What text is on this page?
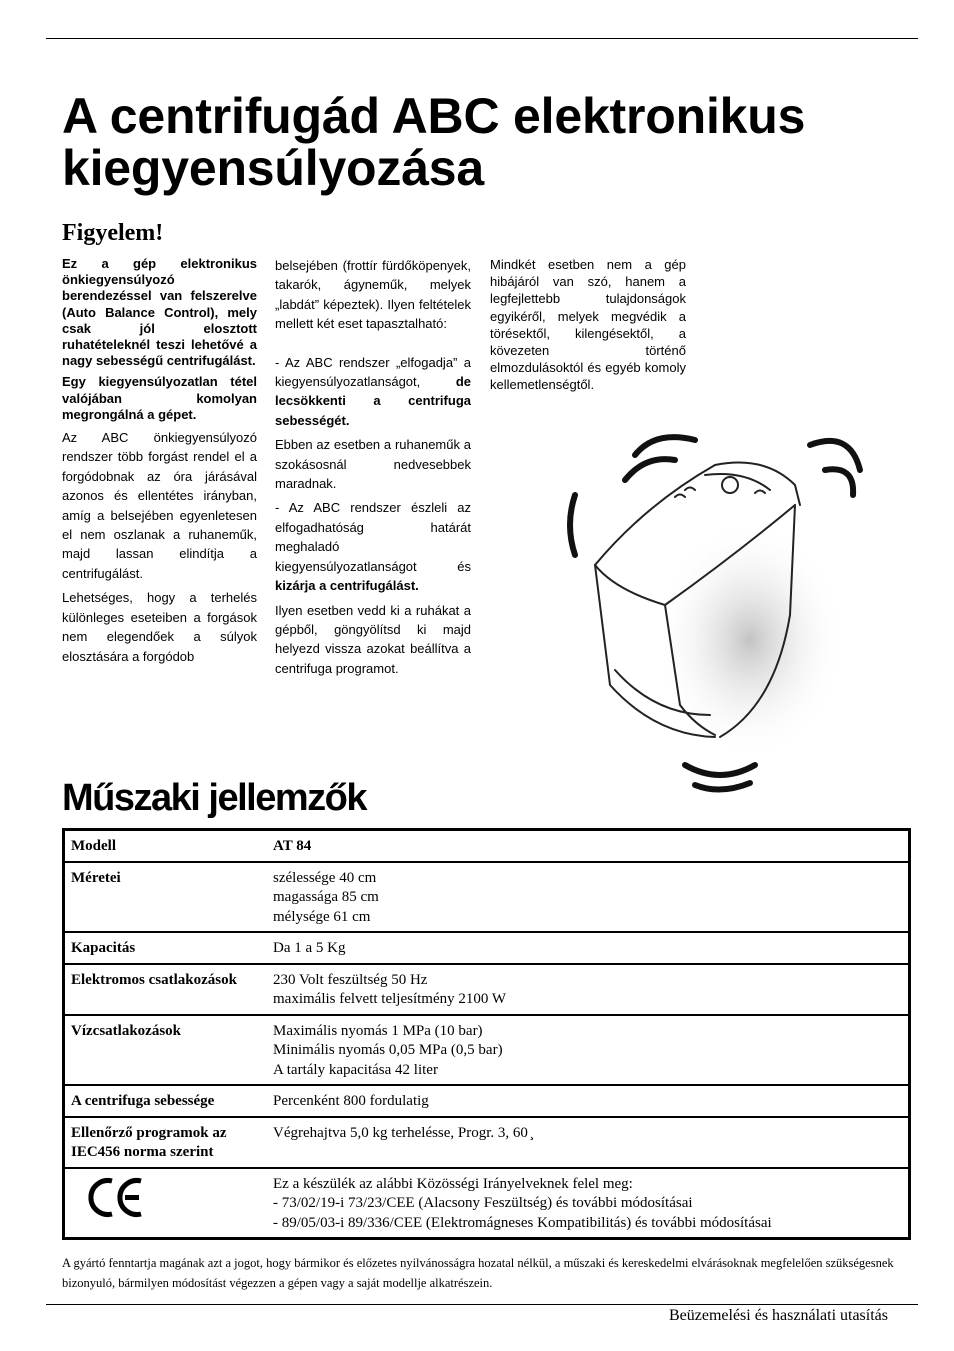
A centrifugád ABC elektronikus
kiegyensúlyozása
Figyelem!

Ez a gép elektronikus önkiegyensúlyozó berendezéssel van felszerelve (Auto Balance Control), mely csak jól elosztott ruhatételeknél teszi lehetővé a nagy sebességű centrifugálást.

Egy kiegyensúlyozatlan tétel valójában komolyan megrongálná a gépet.

Az ABC önkiegyensúlyozó rendszer több forgást rendel el a forgódobnak az óra járásával azonos és ellentétes irányban, amíg a belsejében egyenletesen el nem oszlanak a ruhaneműk, majd lassan elindítja a centrifugálást.

Lehetséges, hogy a terhelés különleges eseteiben a forgások nem elegendőek a súlyok elosztására a forgódob

belsejében (frottír fürdőköpenyek, takarók, ágyneműk, melyek „labdát” képeztek). Ilyen feltételek mellett két eset tapasztalható:

- Az ABC rendszer „elfogadja” a kiegyensúlyozatlanságot,	de lecsökkenti a centrifuga sebességét.

Ebben az esetben a ruhaneműk a szokásosnál nedvesebbek maradnak.

- Az ABC rendszer észleli az elfogadhatóság határát meghaladó kiegyensúlyozatlanságot és kizárja a centrifugálást.

Ilyen esetben vedd ki a ruhákat a gépből, göngyölítsd ki majd helyezd vissza azokat beállítva a centrifuga programot.

Mindkét esetben nem a gép hibájáról van szó, hanem a legfejlettebb tulajdonságok egyikéről, melyek megvédik a törésektől, kilengésektől, a kövezeten történő elmozdulásoktól és egyéb komoly kellemetlenségtől.

Műszaki jellemzők
Modell	AT 84
Méretei	szélessége 40 cm
magassága 85 cm
mélysége 61 cm

Kapacitás	Da 1 a 5 Kg
Elektromos csatlakozások	230 Volt feszültség 50 Hz
maximális felvett teljesítmény 2100 W

Vízcsatlakozások	Maximális nyomás 1 MPa (10 bar)
Minimális nyomás 0,05 MPa (0,5 bar)
A tartály kapacitása 42 liter

A centrifuga sebessége	Percenként 800 fordulatig

Ellenőrző programok az
IEC456 norma szerint	Végrehajtva 5,0 kg terhelésse, Progr. 3, 60 ̧

Ez a készülék az alábbi Közösségi Irányelveknek felel meg:
- 73/02/19-i 73/23/CEE (Alacsony Feszültség) és további módosításai
- 89/05/03-i 89/336/CEE (Elektromágneses Kompatibilitás) és további módosításai

A gyártó fenntartja magának azt a jogot, hogy bármikor és előzetes nyilvánosságra hozatal nélkül, a műszaki és kereskedelmi elvárásoknak megfelelően szükségesnek bizonyuló, bármilyen módosítást végezzen a gépen vagy a saját modellje alkatrészein.

Beüzemelési és használati utasítás
